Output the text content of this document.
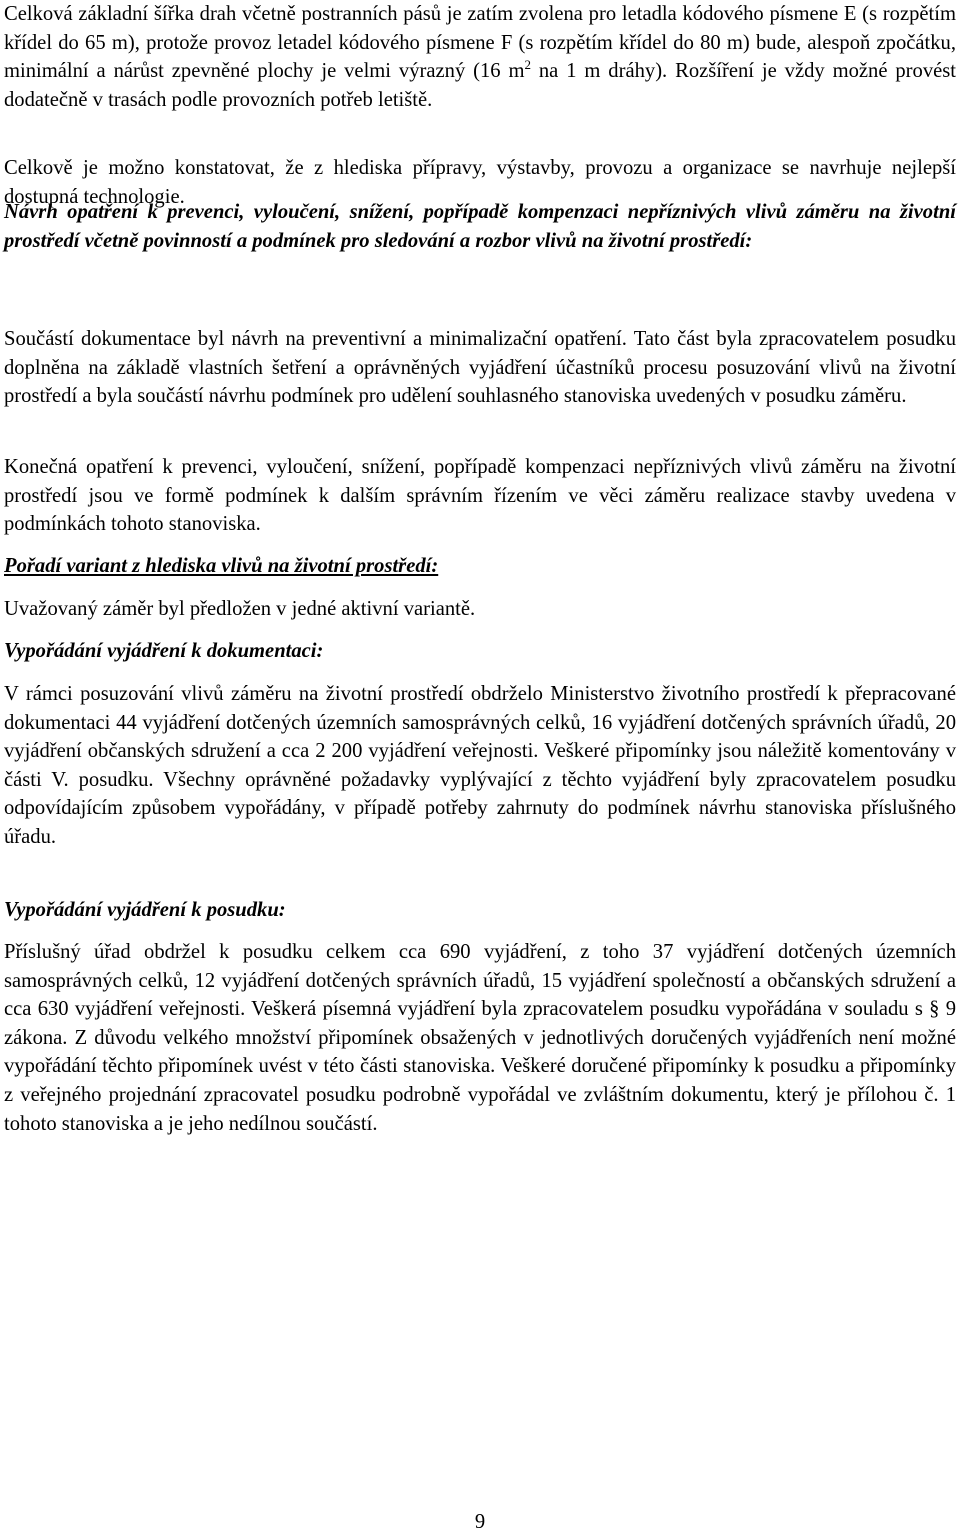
Celková základní šířka drah včetně postranních pásů je zatím zvolena pro letadla kódového písmene E (s rozpětím křídel do 65 m), protože provoz letadel kódového písmene F (s rozpětím křídel do 80 m) bude, alespoň zpočátku, minimální a nárůst zpevněné plochy je velmi výrazný (16 $m^2$ na 1 m dráhy). Rozšíření je vždy možné provést dodatečně v trasách podle provozních potřeb letiště.

Celkově je možno konstatovat, že z hlediska přípravy, výstavby, provozu a organizace se navrhuje nejlepší dostupná technologie.

Návrh opatření k prevenci, vyloučení, snížení, popřípadě kompenzaci nepříznivých vlivů záměru na životní prostředí včetně povinností a podmínek pro sledování a rozbor vlivů na životní prostředí:

Součástí dokumentace byl návrh na preventivní a minimalizační opatření. Tato část byla zpracovatelem posudku doplněna na základě vlastních šetření a oprávněných vyjádření účastníků procesu posuzování vlivů na životní prostředí a byla součástí návrhu podmínek pro udělení souhlasného stanoviska uvedených v posudku záměru.

Konečná opatření k prevenci, vyloučení, snížení, popřípadě kompenzaci nepříznivých vlivů záměru na životní prostředí jsou ve formě podmínek k dalším správním řízením ve věci záměru realizace stavby uvedena v podmínkách tohoto stanoviska.

Pořadí variant z hlediska vlivů na životní prostředí:

Uvažovaný záměr byl předložen v jedné aktivní variantě.

Vypořádání vyjádření k dokumentaci:

V rámci posuzování vlivů záměru na životní prostředí obdrželo Ministerstvo životního prostředí k přepracované dokumentaci 44 vyjádření dotčených územních samosprávných celků, 16 vyjádření dotčených správních úřadů, 20 vyjádření občanských sdružení a cca 2 200 vyjádření veřejnosti. Veškeré připomínky jsou náležitě komentovány v části V. posudku. Všechny oprávněné požadavky vyplývající z těchto vyjádření byly zpracovatelem posudku odpovídajícím způsobem vypořádány, v případě potřeby zahrnuty do podmínek návrhu stanoviska příslušného úřadu.

Vypořádání vyjádření k posudku:

Příslušný úřad obdržel k posudku celkem cca 690 vyjádření, z toho 37 vyjádření dotčených územních samosprávných celků, 12 vyjádření dotčených správních úřadů, 15 vyjádření společností a občanských sdružení a cca 630 vyjádření veřejnosti. Veškerá písemná vyjádření byla zpracovatelem posudku vypořádána v souladu s § 9 zákona. Z důvodu velkého množství připomínek obsažených v jednotlivých doručených vyjádřeních není možné vypořádání těchto připomínek uvést v této části stanoviska. Veškeré doručené připomínky k posudku a připomínky z veřejného projednání zpracovatel posudku podrobně vypořádal ve zvláštním dokumentu, který je přílohou č. 1 tohoto stanoviska a je jeho nedílnou součástí.

9
